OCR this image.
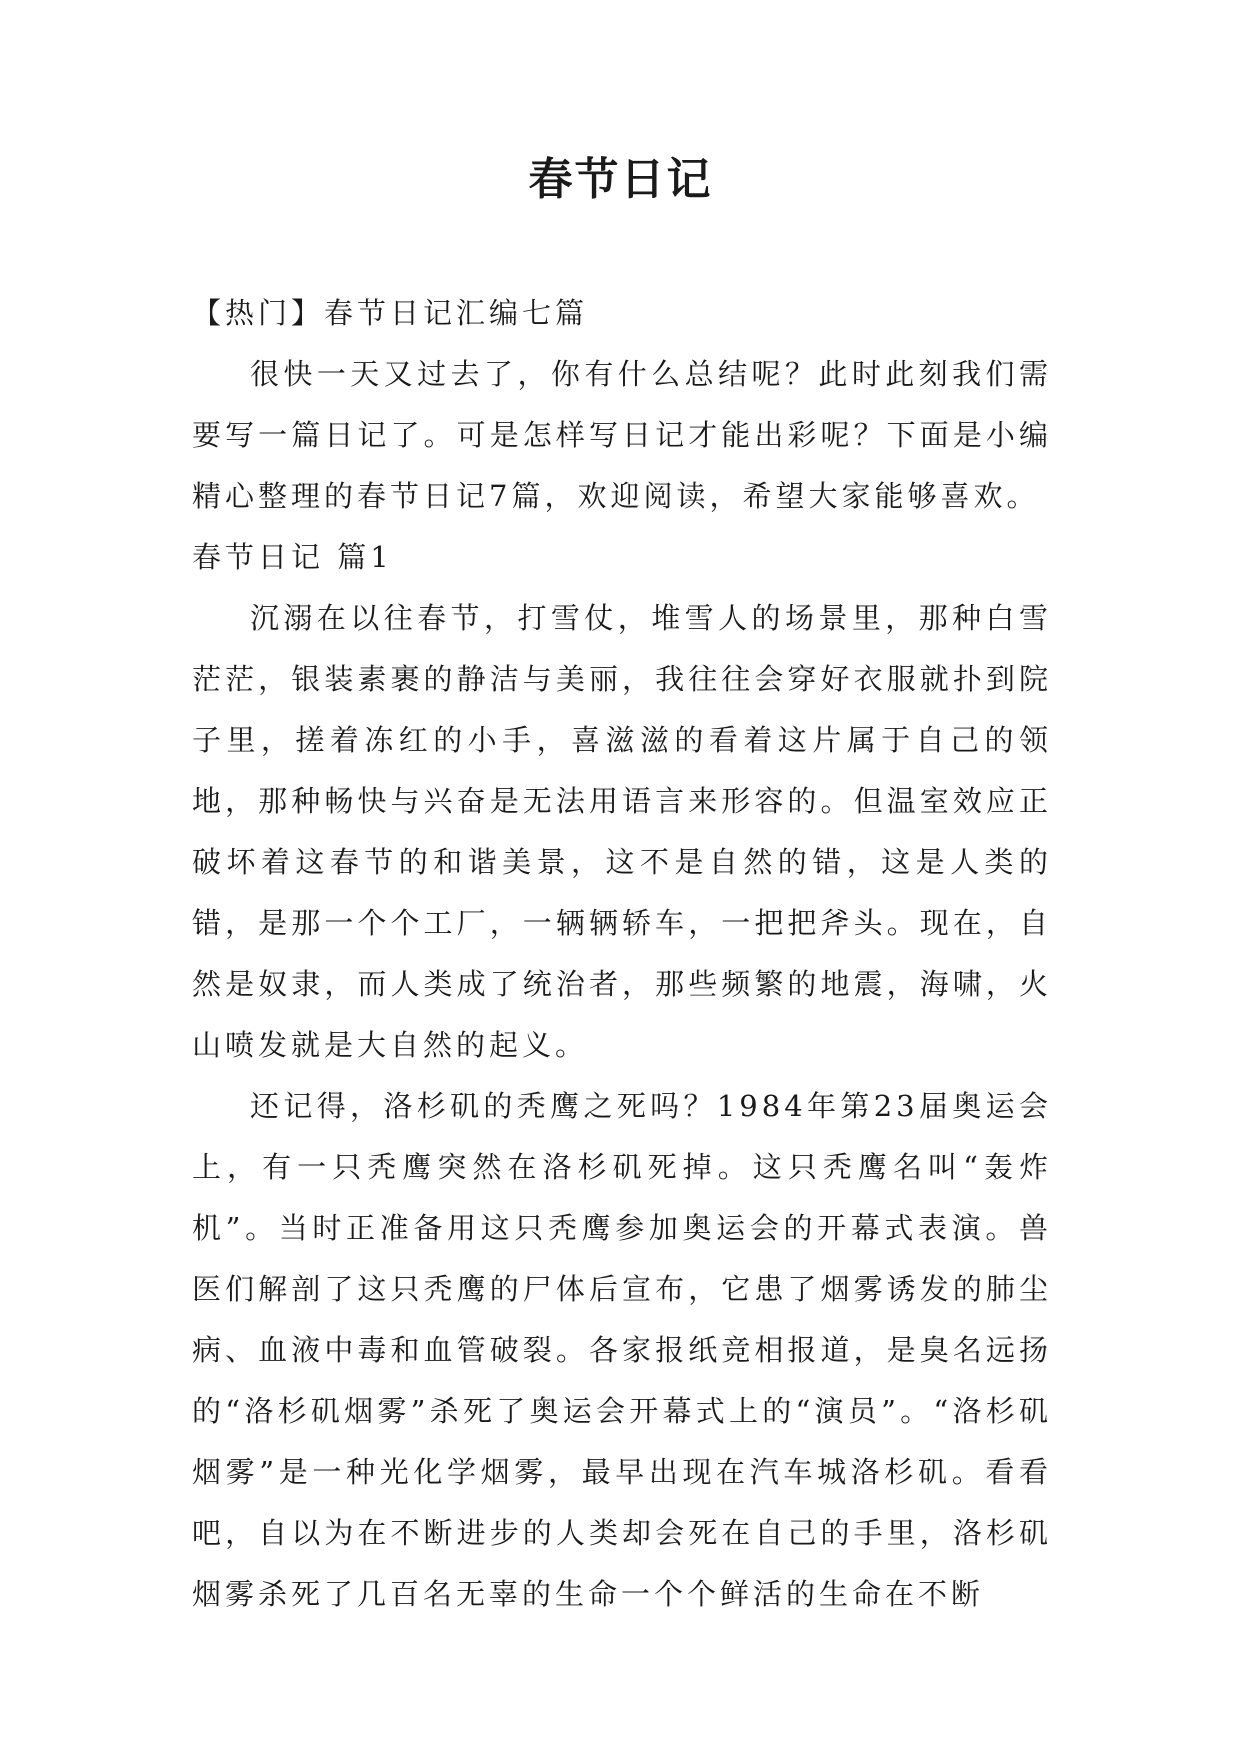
春节日记

【热门】春节日记汇编七篇

很快一天又过去了，你有什么总结呢？此时此刻我们需要写一篇日记了。可是怎样写日记才能出彩呢？下面是小编精心整理的春节日记7篇，欢迎阅读，希望大家能够喜欢。

春节日记 篇1

沉溺在以往春节，打雪仗，堆雪人的场景里，那种白雪茫茫，银装素裹的静洁与美丽，我往往会穿好衣服就扑到院子里，搓着冻红的小手，喜滋滋的看着这片属于自己的领地，那种畅快与兴奋是无法用语言来形容的。但温室效应正破坏着这春节的和谐美景，这不是自然的错，这是人类的错，是那一个个工厂，一辆辆轿车，一把把斧头。现在，自然是奴隶，而人类成了统治者，那些频繁的地震，海啸，火山喷发就是大自然的起义。

还记得，洛杉矶的秃鹰之死吗？1984年第23届奥运会上，有一只秃鹰突然在洛杉矶死掉。这只秃鹰名叫“轰炸机”。当时正准备用这只秃鹰参加奥运会的开幕式表演。兽医们解剖了这只秃鹰的尸体后宣布，它患了烟雾诱发的肺尘病、血液中毒和血管破裂。各家报纸竞相报道，是臭名远扬的“洛杉矶烟雾”杀死了奥运会开幕式上的“演员”。“洛杉矶烟雾”是一种光化学烟雾，最早出现在汽车城洛杉矶。看看吧，自以为在不断进步的人类却会死在自己的手里，洛杉矶烟雾杀死了几百名无辜的生命一个个鲜活的生命在不断
